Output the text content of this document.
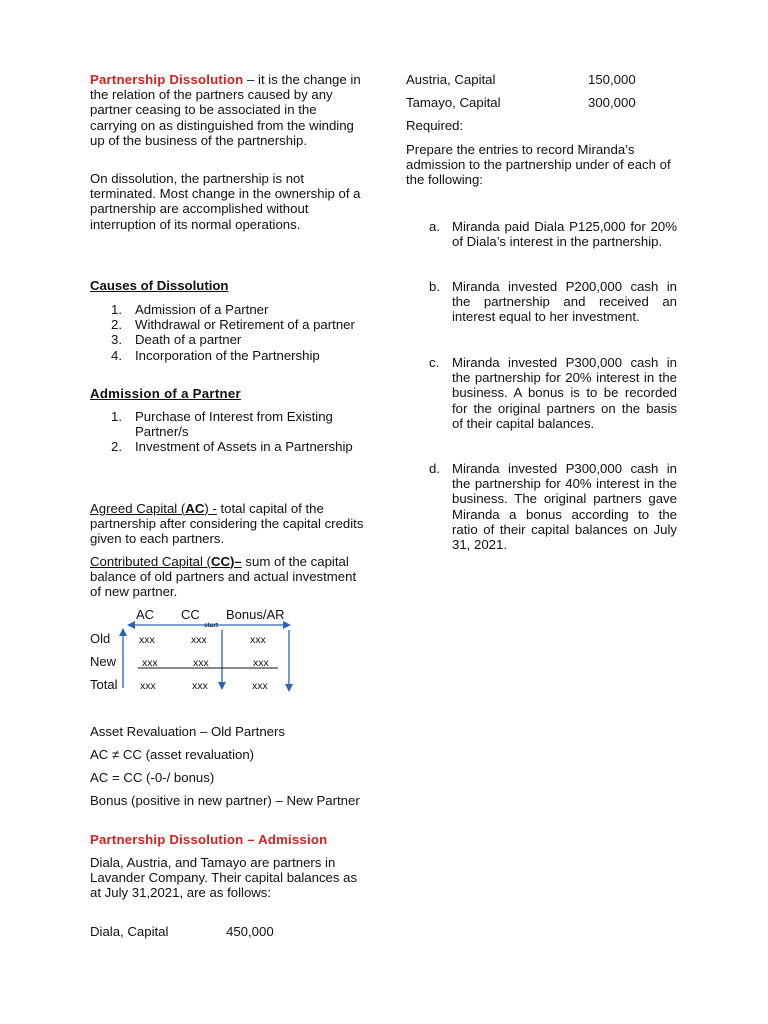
Partnership Dissolution – it is the change in the relation of the partners caused by any partner ceasing to be associated in the carrying on as distinguished from the winding up of the business of the partnership.

On dissolution, the partnership is not terminated. Most change in the ownership of a partnership are accomplished without interruption of its normal operations.

Causes of Dissolution

1. Admission of a Partner
2. Withdrawal or Retirement of a partner
3. Death of a partner
4. Incorporation of the Partnership

Admission of a Partner

1. Purchase of Interest from Existing Partner/s
2. Investment of Assets in a Partnership

Agreed Capital (AC) - total capital of the partnership after considering the capital credits given to each partners.

Contributed Capital (CC)– sum of the capital balance of old partners and actual investment of new partner.

AC CC Bonus/AR
start
Old	xxx	xxx	xxx
New xxx	xxx	xxx
Total xxx	xxx	xxx

Asset Revaluation – Old Partners

AC ≠ CC (asset revaluation)

AC = CC (-0-/ bonus)

Bonus (positive in new partner) – New Partner

Partnership Dissolution – Admission

Diala, Austria, and Tamayo are partners in Lavander Company. Their capital balances as at July 31,2021, are as follows:

Diala, Capital	450,000
Austria, Capital	150,000
Tamayo, Capital	300,000

Required:

Prepare the entries to record Miranda’s admission to the partnership under of each of the following:

a. Miranda paid Diala P125,000 for 20% of Diala’s interest in the partnership.

b. Miranda invested P200,000 cash in the partnership and received an interest equal to her investment.

c. Miranda invested P300,000 cash in the partnership for 20% interest in the business. A bonus is to be recorded for the original partners on the basis of their capital balances.

d. Miranda invested P300,000 cash in the partnership for 40% interest in the business. The original partners gave Miranda a bonus according to the ratio of their capital balances on July 31, 2021.
